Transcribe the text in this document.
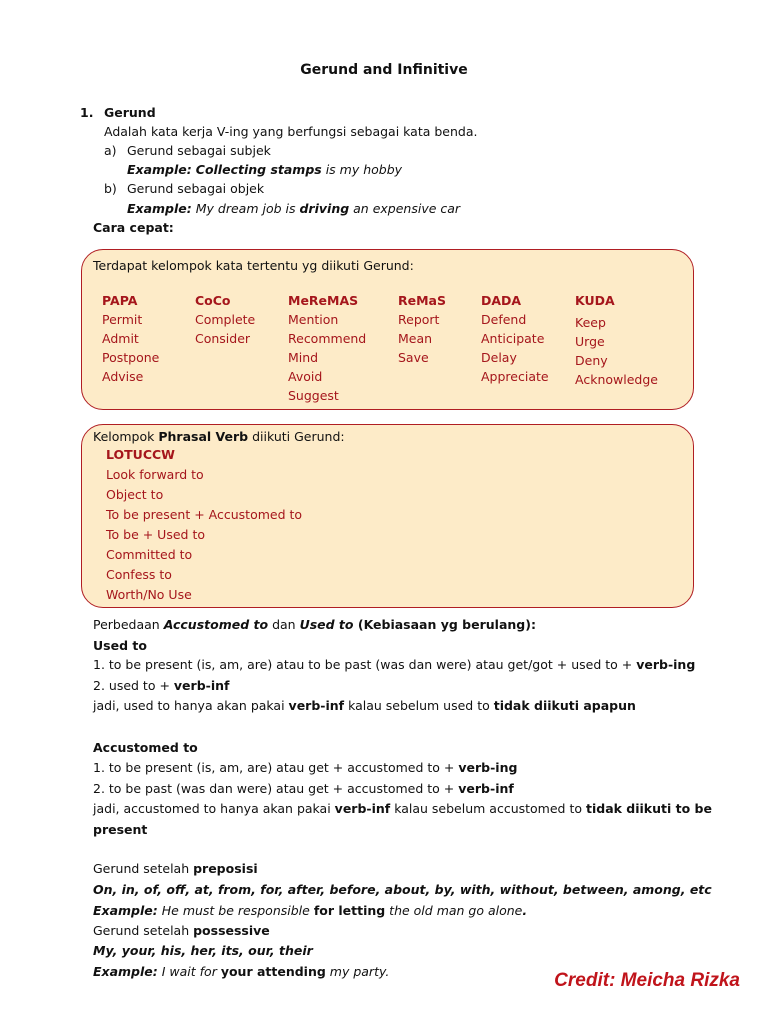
Gerund and Infinitive
1. Gerund
Adalah kata kerja V-ing yang berfungsi sebagai kata benda.
a) Gerund sebagai subjek
Example: Collecting stamps is my hobby
b) Gerund sebagai objek
Example: My dream job is driving an expensive car
Cara cepat:
Terdapat kelompok kata tertentu yg diikuti Gerund:
PAPA
Permit
Admit
Postpone
Advise
CoCo
Complete
Consider
MeReMAS
Mention
Recommend
Mind
Avoid
Suggest
ReMaS
Report
Mean
Save
DADA
Defend
Anticipate
Delay
Appreciate
KUDA
Keep
Urge
Deny
Acknowledge
Kelompok Phrasal Verb diikuti Gerund:
LOTUCCW
Look forward to
Object to
To be present + Accustomed to
To be + Used to
Committed to
Confess to
Worth/No Use
Perbedaan Accustomed to dan Used to (Kebiasaan yg berulang):
Used to
1. to be present (is, am, are) atau to be past (was dan were) atau get/got + used to + verb-ing
2. used to + verb-inf
jadi, used to hanya akan pakai verb-inf kalau sebelum used to tidak diikuti apapun
Accustomed to
1. to be present (is, am, are) atau get + accustomed to + verb-ing
2. to be past (was dan were) atau get + accustomed to + verb-inf
jadi, accustomed to hanya akan pakai verb-inf kalau sebelum accustomed to tidak diikuti to be
present
Gerund setelah preposisi
On, in, of, off, at, from, for, after, before, about, by, with, without, between, among, etc
Example: He must be responsible for letting the old man go alone.
Gerund setelah possessive
My, your, his, her, its, our, their
Example: I wait for your attending my party.	Credit: Meicha Rizka
